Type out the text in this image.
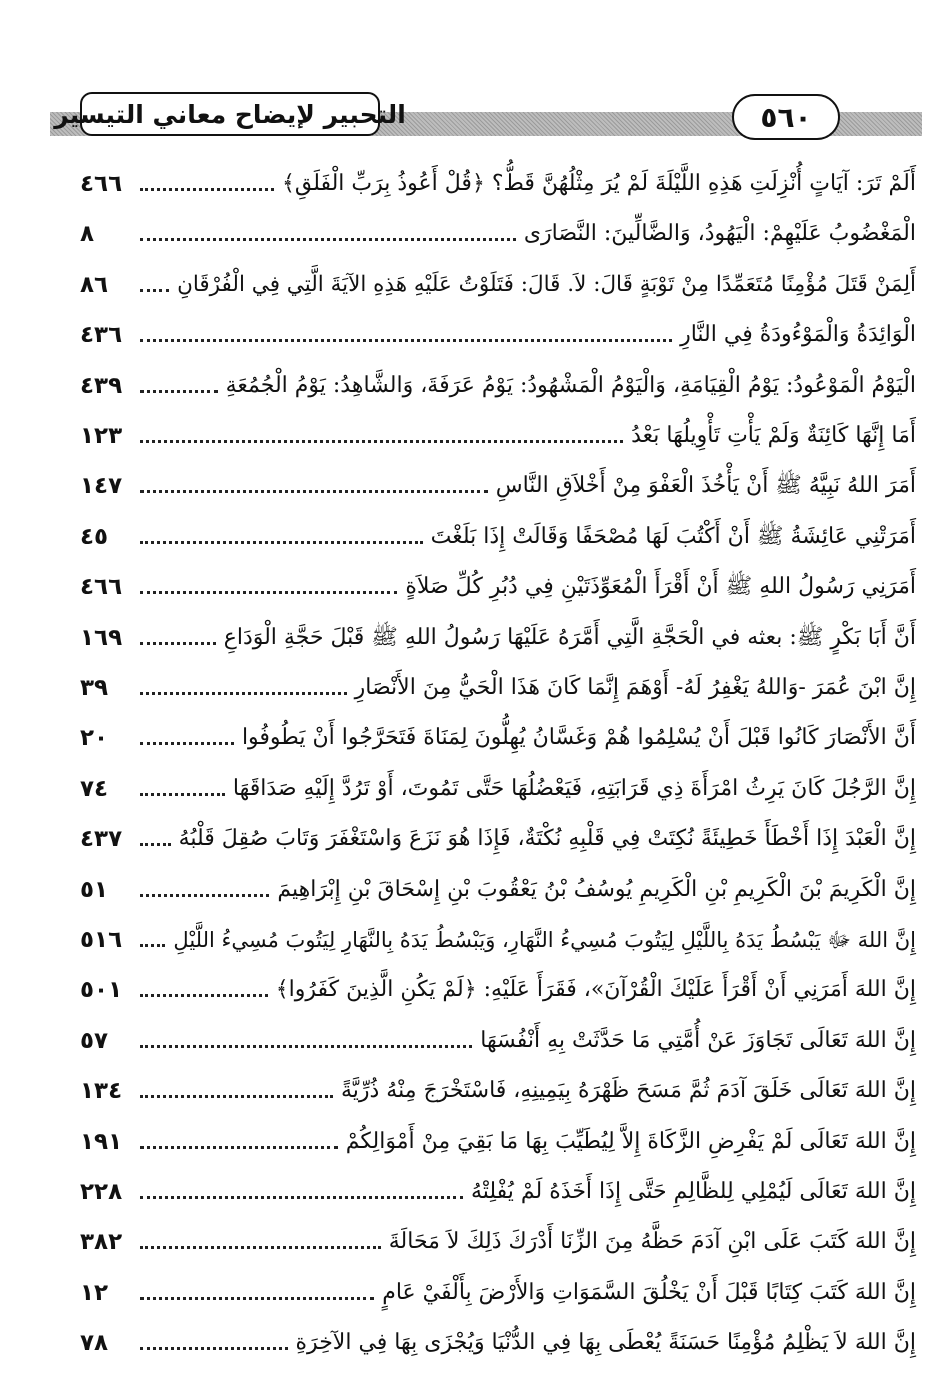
التحبير لإيضاح معاني التيسير	٥٦٠
أَلَمْ تَرَ: آيَاتٍ أُنْزِلَتِ هَذِهِ اللَّيْلَةَ لَمْ يُرَ مِثْلُهُنَّ قَطُّ؟ ﴿قُلْ أَعُوذُ بِرَبِّ الْفَلَقِ﴾
٤٦٦
الْمَغْضُوبُ عَلَيْهِمْ: الْيَهُودُ، وَالضَّالِّينَ: النَّصَارَى
٨
أَلِمَنْ قَتَلَ مُؤْمِنًا مُتَعَمِّدًا مِنْ تَوْبَةٍ قَالَ: لاَ. قَالَ: فَتَلَوْتُ عَلَيْهِ هَذِهِ الآيَةَ الَّتِي فِي الْفُرْقَانِ
٨٦
الْوَائِدَةُ وَالْمَوْءُودَةُ فِي النَّارِ
٤٣٦
الْيَوْمُ الْمَوْعُودُ: يَوْمُ الْقِيَامَةِ، وَالْيَوْمُ الْمَشْهُودُ: يَوْمُ عَرَفَةَ، وَالشَّاهِدُ: يَوْمُ الْجُمُعَةِ
٤٣٩
أَمَا إِنَّهَا كَائِنَةٌ وَلَمْ يَأْتِ تَأْوِيلُهَا بَعْدُ
١٢٣
أَمَرَ اللهُ نَبِيَّهُ ﷺ أَنْ يَأْخُذَ الْعَفْوَ مِنْ أَخْلاَقِ النَّاسِ
١٤٧
أَمَرَتْنِي عَائِشَةُ ﷺ أَنْ أَكْتُبَ لَهَا مُصْحَفًا وَقَالَتْ إِذَا بَلَغْتَ
٤٥
أَمَرَنِي رَسُولُ اللهِ ﷺ أَنْ أَقْرَأَ الْمُعَوِّذَتَيْنِ فِي دُبُرِ كُلِّ صَلاَةٍ
٤٦٦
أَنَّ أَبَا بَكْرٍ ﷺ: بعثه في الْحَجَّةِ الَّتِي أَمَّرَهُ عَلَيْهَا رَسُولُ اللهِ ﷺ قَبْلَ حَجَّةِ الْوَدَاعِ
١٦٩
إِنَّ ابْنَ عُمَرَ -وَاللهُ يَغْفِرُ لَهُ- أَوْهَمَ إِنَّمَا كَانَ هَذَا الْحَيُّ مِنَ الأَنْصَارِ
٣٩
أَنَّ الأَنْصَارَ كَانُوا قَبْلَ أَنْ يُسْلِمُوا هُمْ وَغَسَّانُ يُهِلُّونَ لِمَنَاةَ فَتَحَرَّجُوا أَنْ يَطُوفُوا
٢٠
إِنَّ الرَّجُلَ كَانَ يَرِثُ امْرَأَةَ ذِي قَرَابَتِهِ، فَيَعْضُلُهَا حَتَّى تَمُوتَ، أَوْ تَرُدَّ إِلَيْهِ صَدَاقَهَا
٧٤
إِنَّ الْعَبْدَ إِذَا أَخْطَأَ خَطِيئَةً نُكِتَتْ فِي قَلْبِهِ نُكْتَةٌ، فَإِذَا هُوَ نَزَعَ وَاسْتَغْفَرَ وَتَابَ صُقِلَ قَلْبُهُ
٤٣٧
إِنَّ الْكَرِيمَ بْنَ الْكَرِيمِ بْنِ الْكَرِيمِ يُوسُفُ بْنُ يَعْقُوبَ بْنِ إِسْحَاقَ بْنِ إِبْرَاهِيمَ
٥١
إِنَّ اللهَ ﷻ يَبْسُطُ يَدَهُ بِاللَّيْلِ لِيَتُوبَ مُسِيءُ النَّهَارِ، وَيَبْسُطُ يَدَهُ بِالنَّهَارِ لِيَتُوبَ مُسِيءُ اللَّيْلِ
٥١٦
إِنَّ اللهَ أَمَرَنِي أَنْ أَقْرَأَ عَلَيْكَ الْقُرْآنَ»، فَقَرَأَ عَلَيْهِ: ﴿لَمْ يَكُنِ الَّذِينَ كَفَرُوا﴾
٥٠١
إِنَّ اللهَ تَعَالَى تَجَاوَزَ عَنْ أُمَّتِي مَا حَدَّثَتْ بِهِ أَنْفُسَهَا
٥٧
إِنَّ اللهَ تَعَالَى خَلَقَ آدَمَ ثُمَّ مَسَحَ ظَهْرَهُ بِيَمِينِهِ، فَاسْتَخْرَجَ مِنْهُ ذُرِّيَّةً
١٣٤
إِنَّ اللهَ تَعَالَى لَمْ يَفْرِضِ الزَّكَاةَ إِلاَّ لِيُطَيِّبَ بِهَا مَا بَقِيَ مِنْ أَمْوَالِكُمْ
١٩١
إِنَّ اللهَ تَعَالَى لَيُمْلِي لِلظَّالِمِ حَتَّى إِذَا أَخَذَهُ لَمْ يُفْلِتْهُ
٢٢٨
إِنَّ اللهَ كَتَبَ عَلَى ابْنِ آدَمَ حَظَّهُ مِنَ الزِّنَا أَدْرَكَ ذَلِكَ لاَ مَحَالَةَ
٣٨٢
إِنَّ اللهَ كَتَبَ كِتَابًا قَبْلَ أَنْ يَخْلُقَ السَّمَوَاتِ وَالأَرْضَ بِأَلْفَيْ عَامٍ
١٢
إِنَّ اللهَ لاَ يَظْلِمُ مُؤْمِنًا حَسَنَةً يُعْطَى بِهَا فِي الدُّنْيَا وَيُجْزَى بِهَا فِي الآخِرَةِ
٧٨
